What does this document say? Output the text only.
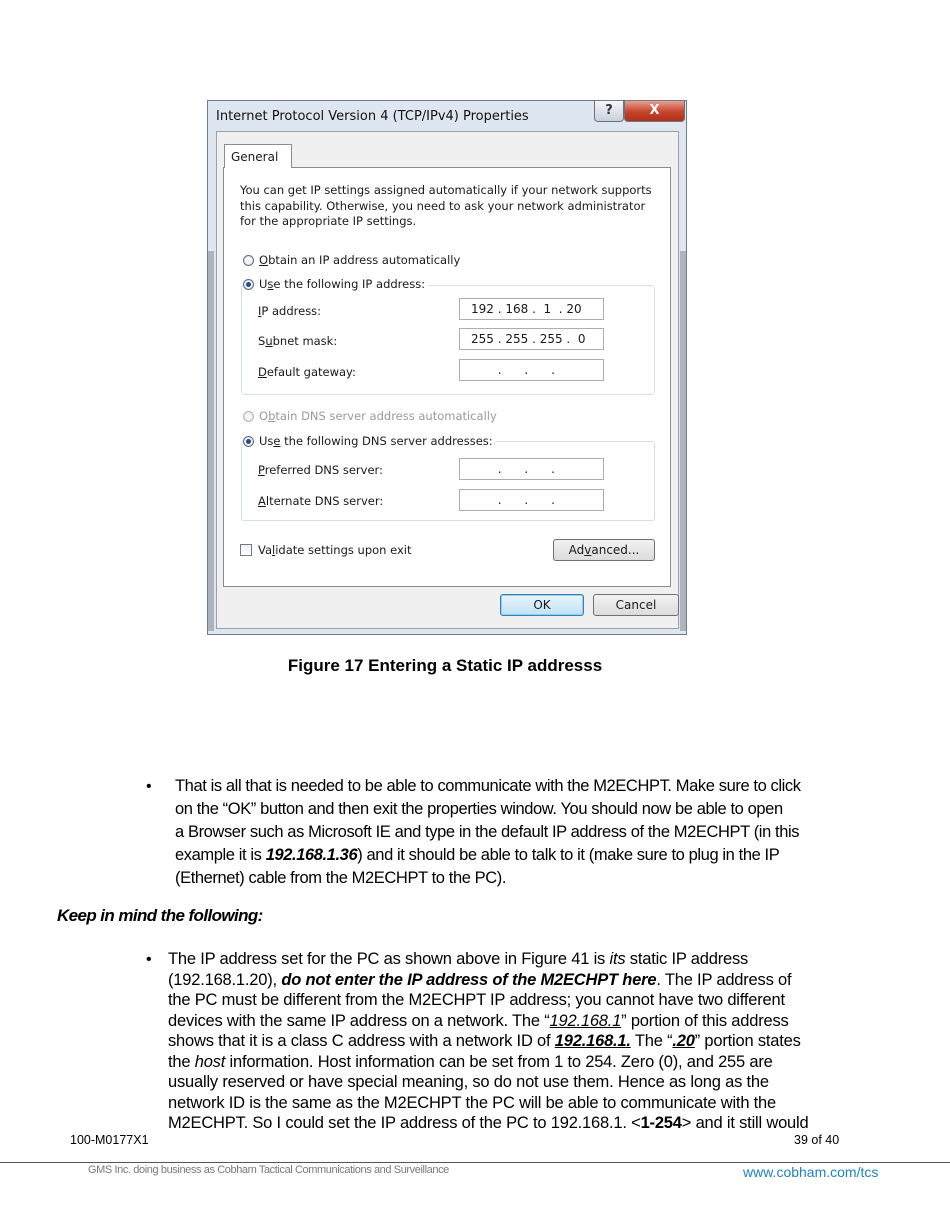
Internet Protocol Version 4 (TCP/IPv4) Properties	?	X
You can get IP settings assigned automatically if your network supports
this capability. Otherwise, you need to ask your network administrator
for the appropriate IP settings.
Obtain an IP address automatically
IP address:	192 . 168 .  1  . 20
Subnet mask:	255 . 255 . 255 .  0
Default gateway:	.      .      .
Use the following IP address:
Obtain DNS server address automatically
Preferred DNS server:	.      .      .
Alternate DNS server:	.      .      .
Use the following DNS server addresses:
Validate settings upon exit	Advanced...
General
OK	Cancel
Figure 17 Entering a Static IP addresss
• That is all that is needed to be able to communicate with the M2ECHPT. Make sure to click
on the “OK” button and then exit the properties window. You should now be able to open
a Browser such as Microsoft IE and type in the default IP address of the M2ECHPT (in this
example it is 192.168.1.36) and it should be able to talk to it (make sure to plug in the IP
(Ethernet) cable from the M2ECHPT to the PC).
Keep in mind the following:
• The IP address set for the PC as shown above in Figure 41 is its static IP address
(192.168.1.20), do not enter the IP address of the M2ECHPT here. The IP address of
the PC must be different from the M2ECHPT IP address; you cannot have two different
devices with the same IP address on a network. The “192.168.1” portion of this address
shows that it is a class C address with a network ID of 192.168.1. The “.20” portion states
the host information. Host information can be set from 1 to 254. Zero (0), and 255 are
usually reserved or have special meaning, so do not use them. Hence as long as the
network ID is the same as the M2ECHPT the PC will be able to communicate with the
M2ECHPT. So I could set the IP address of the PC to 192.168.1. <1-254> and it still would
100-M0177X1	39 of 40
GMS Inc. doing business as Cobham Tactical Communications and Surveillance	www.cobham.com/tcs
